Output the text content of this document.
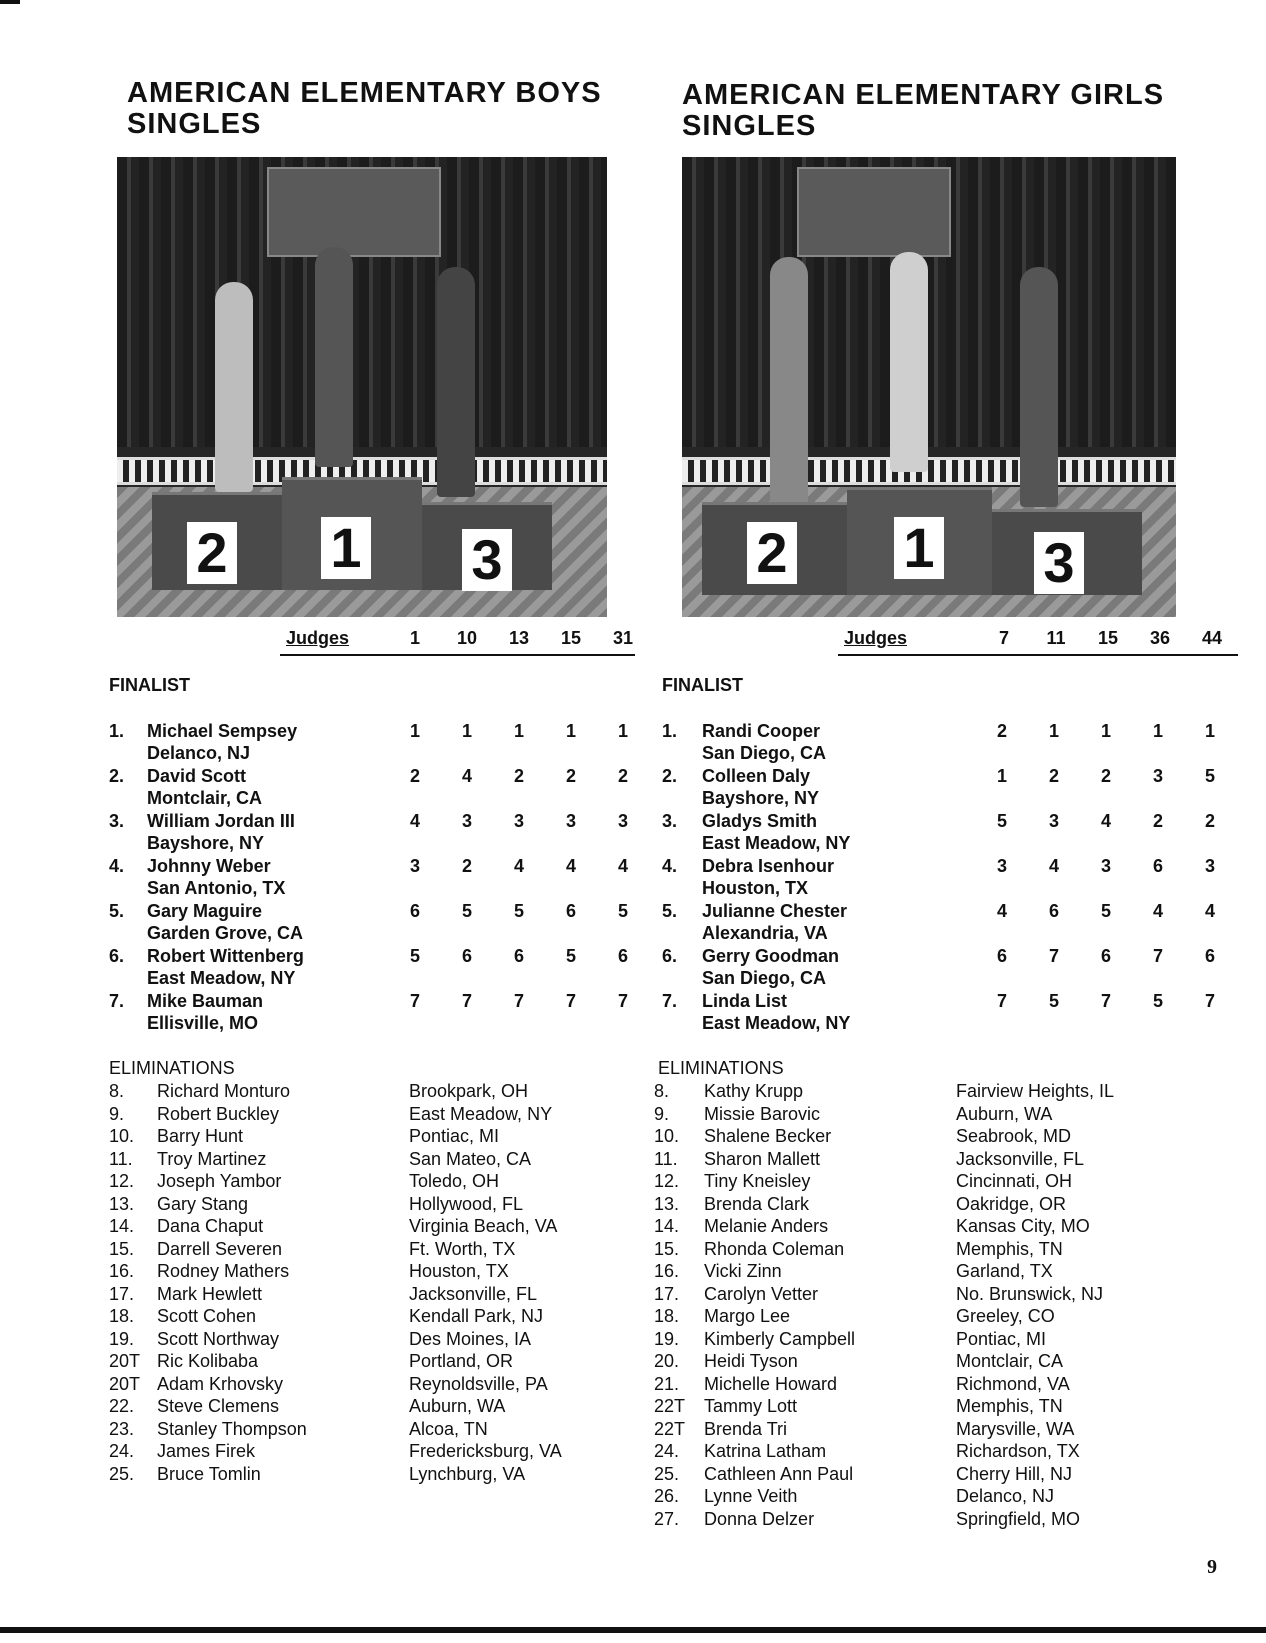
AMERICAN ELEMENTARY BOYS
SINGLES
2 1 3
Judges	1	10	13	15	31
FINALIST
1. Michael Sempsey
Delanco, NJ
1	1	1	1	1
2. David Scott
Montclair, CA
2	4	2	2	2
3. William Jordan III
Bayshore, NY
4	3	3	3	3
4. Johnny Weber
San Antonio, TX
3	2	4	4	4
5. Gary Maguire
Garden Grove, CA
6	5	5	6	5
6. Robert Wittenberg
East Meadow, NY
5	6	6	5	6
7. Mike Bauman
Ellisville, MO
7	7	7	7	7
ELIMINATIONS
8. Richard Monturo	Brookpark, OH
9. Robert Buckley	East Meadow, NY
10. Barry Hunt	Pontiac, MI
11. Troy Martinez	San Mateo, CA
12. Joseph Yambor	Toledo, OH
13. Gary Stang	Hollywood, FL
14. Dana Chaput	Virginia Beach, VA
15. Darrell Severen	Ft. Worth, TX
16. Rodney Mathers	Houston, TX
17. Mark Hewlett	Jacksonville, FL
18. Scott Cohen	Kendall Park, NJ
19. Scott Northway	Des Moines, IA
20T Ric Kolibaba	Portland, OR
20T Adam Krhovsky	Reynoldsville, PA
22. Steve Clemens	Auburn, WA
23. Stanley Thompson	Alcoa, TN
24. James Firek	Fredericksburg, VA
25. Bruce Tomlin	Lynchburg, VA
AMERICAN ELEMENTARY GIRLS
SINGLES
2 1 3
Judges	7	11	15	36	44
FINALIST
1. Randi Cooper
San Diego, CA
2	1	1	1	1
2. Colleen Daly
Bayshore, NY
1	2	2	3	5
3. Gladys Smith
East Meadow, NY
5	3	4	2	2
4. Debra Isenhour
Houston, TX
3	4	3	6	3
5. Julianne Chester
Alexandria, VA
4	6	5	4	4
6. Gerry Goodman
San Diego, CA
6	7	6	7	6
7. Linda List
East Meadow, NY
7	5	7	5	7
ELIMINATIONS
8. Kathy Krupp	Fairview Heights, IL
9. Missie Barovic	Auburn, WA
10. Shalene Becker	Seabrook, MD
11. Sharon Mallett	Jacksonville, FL
12. Tiny Kneisley	Cincinnati, OH
13. Brenda Clark	Oakridge, OR
14. Melanie Anders	Kansas City, MO
15. Rhonda Coleman	Memphis, TN
16. Vicki Zinn	Garland, TX
17. Carolyn Vetter	No. Brunswick, NJ
18. Margo Lee	Greeley, CO
19. Kimberly Campbell	Pontiac, MI
20. Heidi Tyson	Montclair, CA
21. Michelle Howard	Richmond, VA
22T Tammy Lott	Memphis, TN
22T Brenda Tri	Marysville, WA
24. Katrina Latham	Richardson, TX
25. Cathleen Ann Paul	Cherry Hill, NJ
26. Lynne Veith	Delanco, NJ
27. Donna Delzer	Springfield, MO
9
